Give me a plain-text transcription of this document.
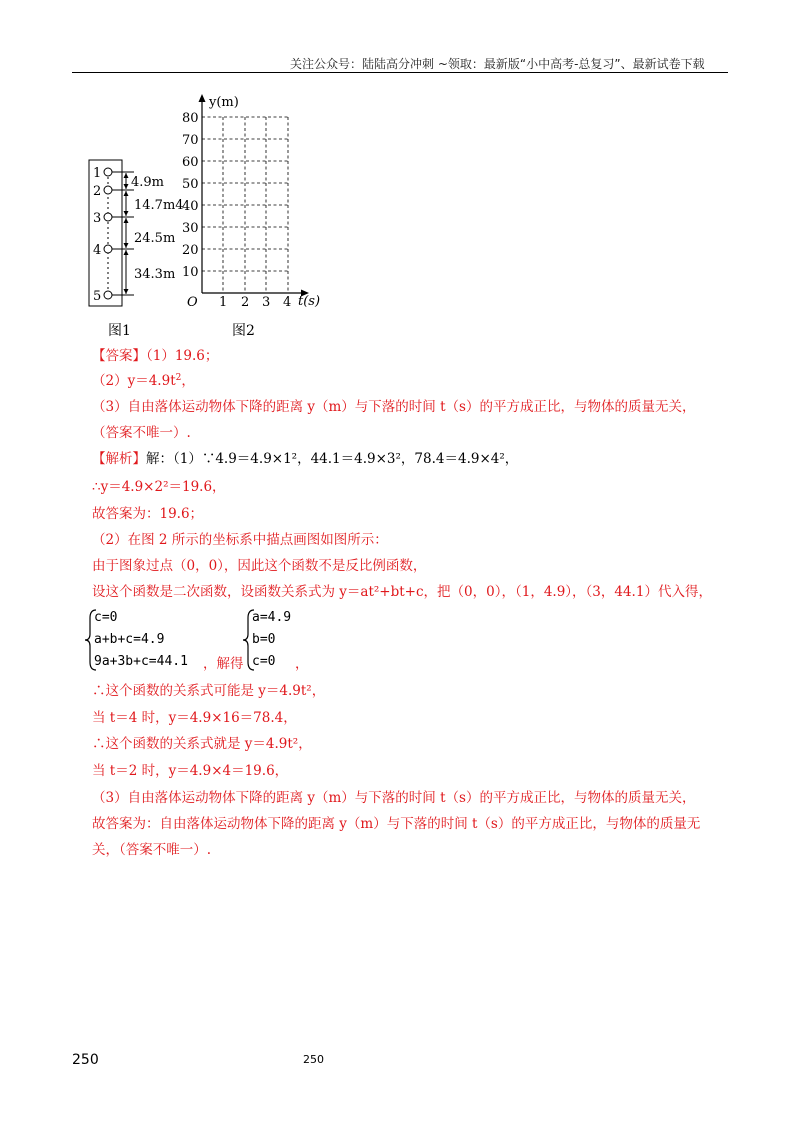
关注公众号：陆陆高分冲刺 ~领取：最新版“小中高考-总复习”、最新试卷下载
1
2
3
4
5
4.9m
14.7m4
24.5m
34.3m
y(m)
t(s)
O
10
20
30
40
50
60
70
80
1 2 3 4
图1	图2
【答案】（1）19.6；
$(2)y=4.9t^2$，
（3）自由落体运动物体下降的距离 y（m）与下落的时间 t（s）的平方成正比，与物体的质量无关，
（答案不唯一）.
【解析】解：（1）∵4.9＝4.9×1²，44.1＝4.9×3²，78.4＝4.9×4²，
∴y＝4.9×2²＝19.6，
故答案为：19.6；
（2）在图 2 所示的坐标系中描点画图如图所示：
由于图象过点（0，0），因此这个函数不是反比例函数，
设这个函数是二次函数，设函数关系式为 y＝at²+bt+c，把（0，0），（1，4.9），（3，44.1）代入得，
c=0
a+b+c=4.9
9a+3b+c=44.1 ，解得
a=4.9
b=0
c=0	，
∴这个函数的关系式可能是 y＝4.9t²，
当 t＝4 时，y＝4.9×16＝78.4，
∴这个函数的关系式就是 y＝4.9t²，
当 t＝2 时，y＝4.9×4＝19.6，
（3）自由落体运动物体下降的距离 y（m）与下落的时间 t（s）的平方成正比，与物体的质量无关，
故答案为：自由落体运动物体下降的距离 y（m）与下落的时间 t（s）的平方成正比，与物体的质量无
关，（答案不唯一）.
250	250
